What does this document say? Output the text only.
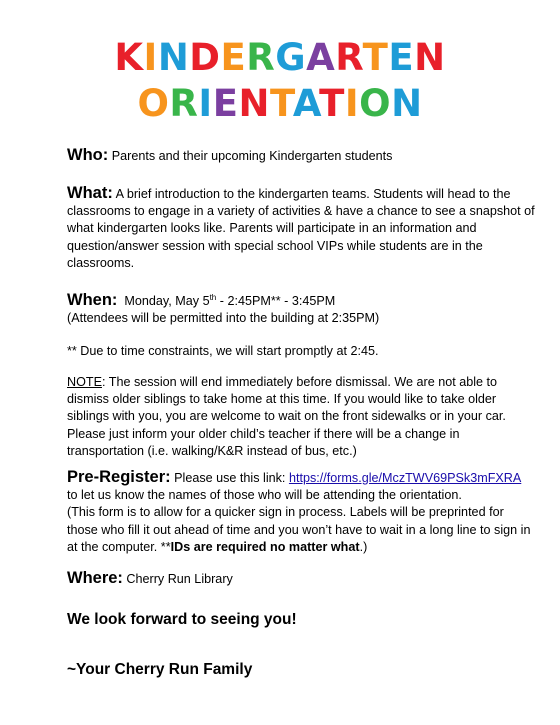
KINDERGARTEN
ORIENTATION
Who: Parents and their upcoming Kindergarten students
What: A brief introduction to the kindergarten teams. Students will head to the classrooms to engage in a variety of activities & have a chance to see a snapshot of what kindergarten looks like. Parents will participate in an information and question/answer session with special school VIPs while students are in the classrooms.
When: Monday, May 5th - 2:45PM** - 3:45PM
(Attendees will be permitted into the building at 2:35PM)
** Due to time constraints, we will start promptly at 2:45.
NOTE: The session will end immediately before dismissal. We are not able to dismiss older siblings to take home at this time. If you would like to take older siblings with you, you are welcome to wait on the front sidewalks or in your car. Please just inform your older child’s teacher if there will be a change in transportation (i.e. walking/K&R instead of bus, etc.)
Pre-Register: Please use this link: https://forms.gle/MczTWV69PSk3mFXRA
to let us know the names of those who will be attending the orientation.
(This form is to allow for a quicker sign in process. Labels will be preprinted for those who fill it out ahead of time and you won’t have to wait in a long line to sign in at the computer. **IDs are required no matter what.)
Where: Cherry Run Library
We look forward to seeing you!
~Your Cherry Run Family
